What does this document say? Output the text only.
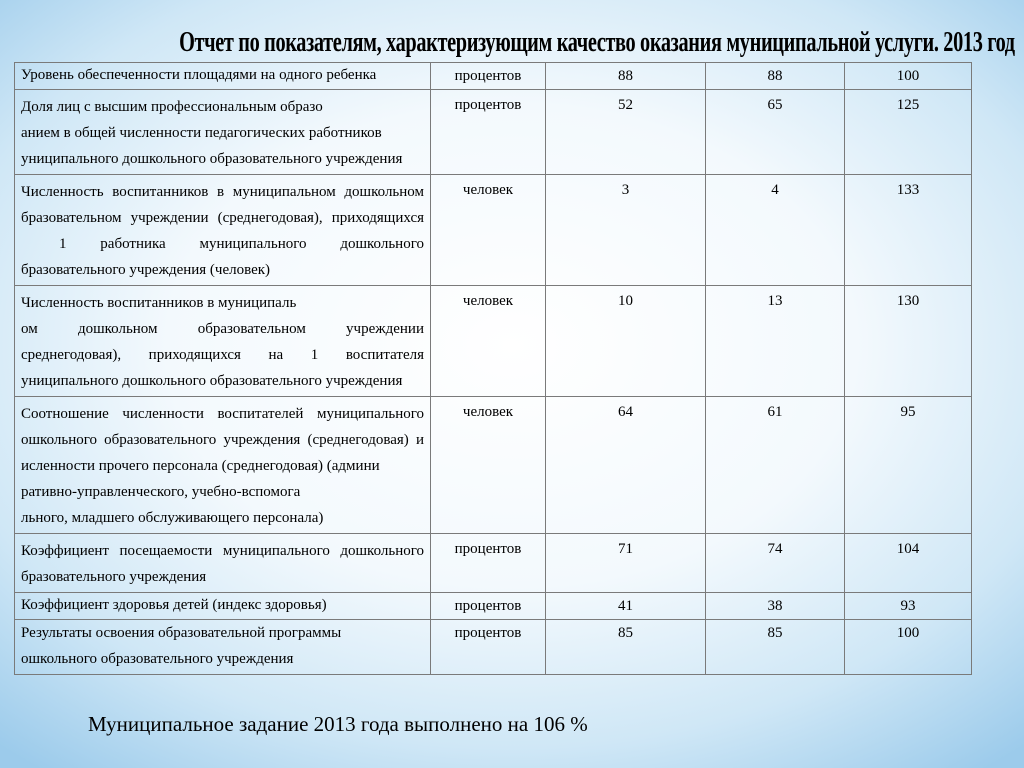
Отчет по показателям, характеризующим качество оказания муниципальной услуги. 2013 год
Уровень обеспеченности площадями на одного ребенка	процентов	88	88	100

Доля лиц с высшим профессиональным образо
анием в общей численности педагогических работников
униципального дошкольного образовательного учреждения	процентов	52	65	125

Численность воспитанников в муниципальном дошкольном
бразовательном учреждении (среднегодовая), приходящихся
1 работника муниципального дошкольного
бразовательного учреждения (человек)	человек	3	4	133

Численность воспитанников в муниципаль
ом дошкольном образовательном учреждении
среднегодовая), приходящихся на 1 воспитателя
униципального дошкольного образовательного учреждения	человек	10	13	130

Соотношение численности воспитателей муниципального
ошкольного образовательного учреждения (среднегодовая) и
исленности прочего персонала (среднегодовая) (админи
ративно-управленческого, учебно-вспомога
льного, младшего обслуживающего персонала)	человек	64	61	95

Коэффициент посещаемости муниципального дошкольного
бразовательного учреждения	процентов	71	74	104

Коэффициент здоровья детей (индекс здоровья)	процентов	41	38	93

Результаты освоения образовательной программы
ошкольного образовательного учреждения	процентов	85	85	100
Муниципальное задание 2013 года выполнено на 106 %
